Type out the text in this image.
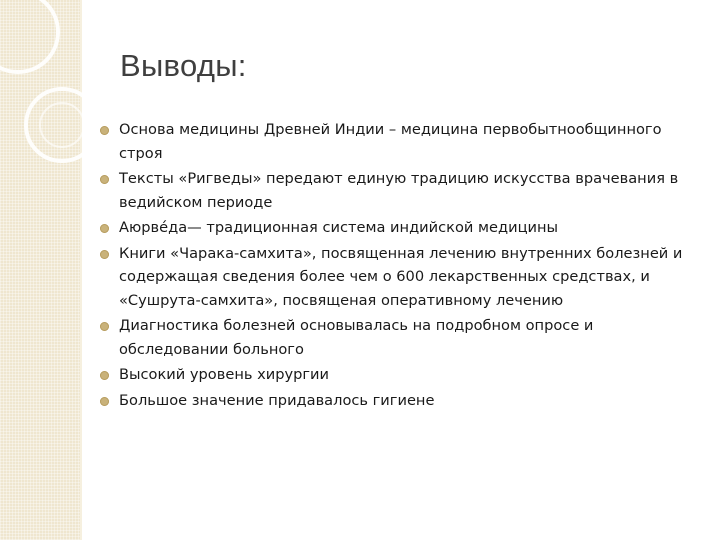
Выводы:
Основа медицины Древней Индии – медицина первобытнообщинного строя
Тексты «Ригведы» передают единую традицию искусства врачевания в ведийском периоде
Аюрве́да— традиционная система индийской медицины
Книги «Чарака-самхита», посвященная лечению внутренних болезней и содержащая сведения более чем о 600 лекарственных средствах, и «Сушрута-самхита», посвященая оперативному лечению
Диагностика болезней основывалась на подробном опросе и обследовании больного
Высокий уровень хирургии
Большое значение придавалось гигиене
